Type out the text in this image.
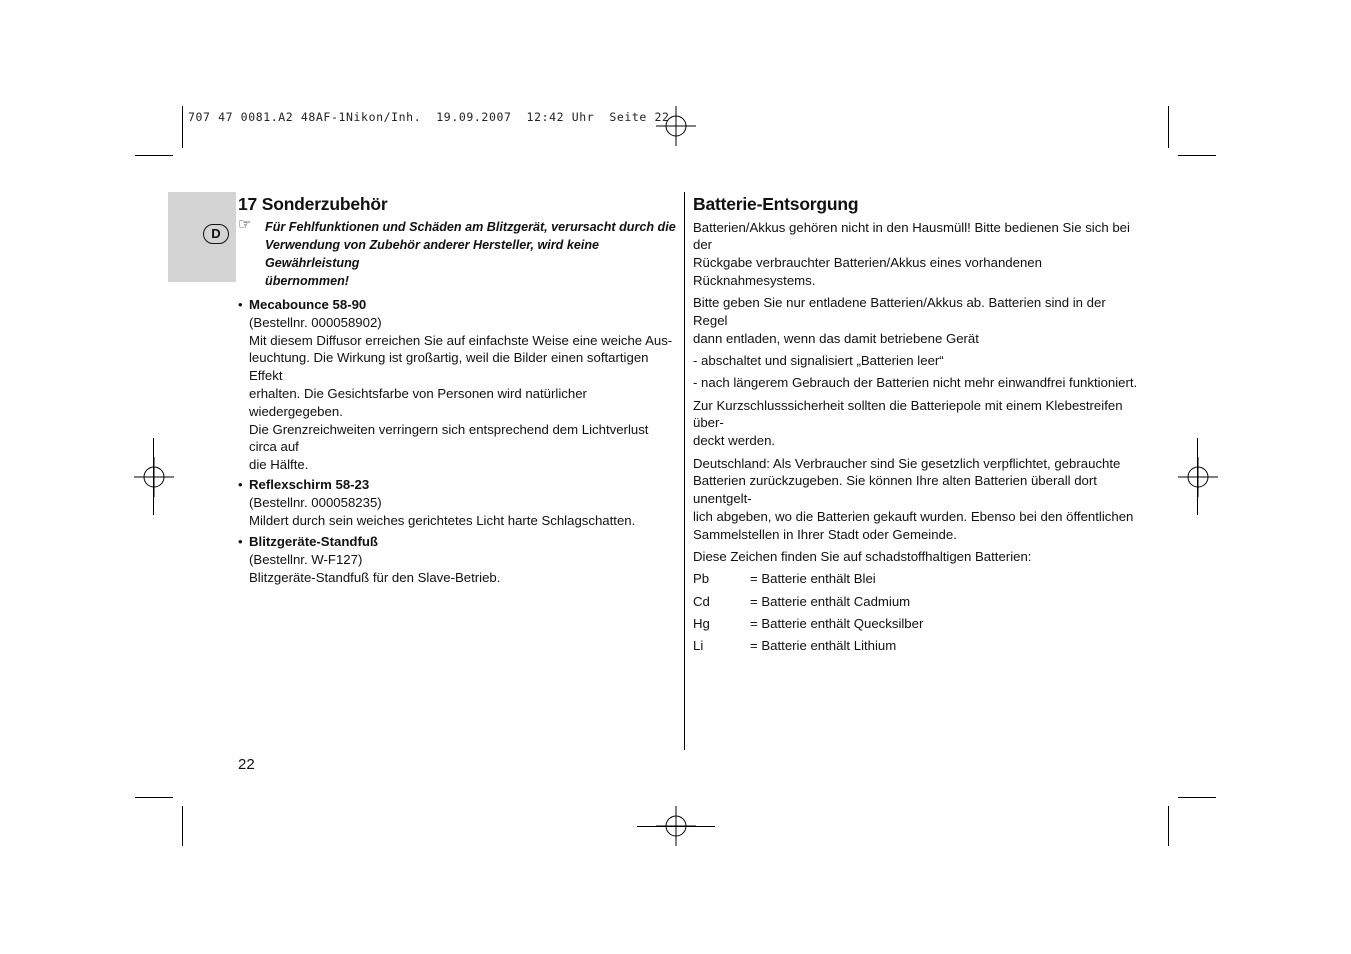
707 47 0081.A2 48AF-1Nikon/Inh.  19.09.2007  12:42 Uhr  Seite 22
D
17 Sonderzubehör
☞ Für Fehlfunktionen und Schäden am Blitzgerät, verursacht durch die

Verwendung von Zubehör anderer Hersteller, wird keine Gewährleistung

übernommen!

• Mecabounce 58-90

(Bestellnr. 000058902)

Mit diesem Diffusor erreichen Sie auf einfachste Weise eine weiche Aus-

leuchtung. Die Wirkung ist großartig, weil die Bilder einen softartigen Effekt

erhalten. Die Gesichtsfarbe von Personen wird natürlicher wiedergegeben.

Die Grenzreichweiten verringern sich entsprechend dem Lichtverlust circa auf

die Hälfte.

• Reflexschirm 58-23

(Bestellnr. 000058235)

Mildert durch sein weiches gerichtetes Licht harte Schlagschatten.

• Blitzgeräte-Standfuß

(Bestellnr. W-F127)

Blitzgeräte-Standfuß für den Slave-Betrieb.

Batterie-Entsorgung

Batterien/Akkus gehören nicht in den Hausmüll! Bitte bedienen Sie sich bei der

Rückgabe verbrauchter Batterien/Akkus eines vorhandenen Rücknahmesystems.

Bitte geben Sie nur entladene Batterien/Akkus ab. Batterien sind in der Regel

dann entladen, wenn das damit betriebene Gerät

- abschaltet und signalisiert „Batterien leer“

- nach längerem Gebrauch der Batterien nicht mehr einwandfrei funktioniert.

Zur Kurzschlusssicherheit sollten die Batteriepole mit einem Klebestreifen über-

deckt werden.

Deutschland: Als Verbraucher sind Sie gesetzlich verpflichtet, gebrauchte

Batterien zurückzugeben. Sie können Ihre alten Batterien überall dort unentgelt-

lich abgeben, wo die Batterien gekauft wurden. Ebenso bei den öffentlichen

Sammelstellen in Ihrer Stadt oder Gemeinde.

Diese Zeichen finden Sie auf schadstoffhaltigen Batterien:

Pb	= Batterie enthält Blei
Cd	= Batterie enthält Cadmium
Hg	= Batterie enthält Quecksilber
Li	= Batterie enthält Lithium
22
